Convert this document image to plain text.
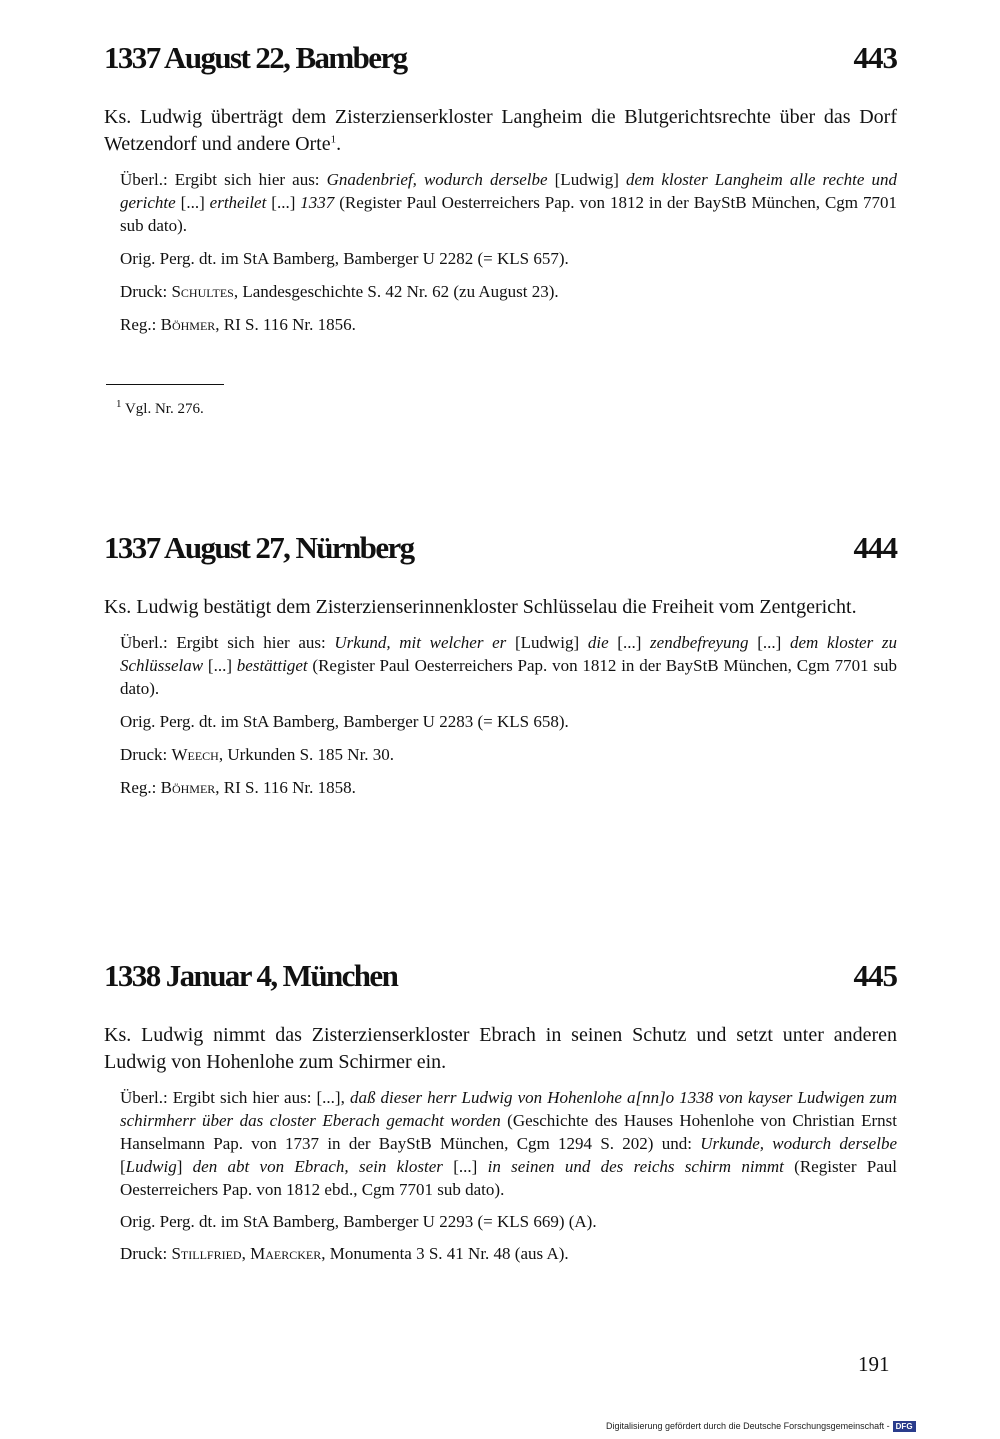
1337 August 22, Bamberg	443
Ks. Ludwig überträgt dem Zisterzienserkloster Langheim die Blutgerichtsrechte über das Dorf Wetzendorf und andere Orte$^1$.
Überl.: Ergibt sich hier aus: Gnadenbrief, wodurch derselbe [Ludwig] dem kloster Langheim alle rechte und gerichte [...] ertheilet [...] 1337 (Register Paul Oesterreichers Pap. von 1812 in der BayStB München, Cgm 7701 sub dato).
Orig. Perg. dt. im StA Bamberg, Bamberger U 2282 (= KLS 657).
Druck: Schultes, Landesgeschichte S. 42 Nr. 62 (zu August 23).
Reg.: Böhmer, RI S. 116 Nr. 1856.
$^1$ Vgl. Nr. 276.
1337 August 27, Nürnberg	444
Ks. Ludwig bestätigt dem Zisterzienserinnenkloster Schlüsselau die Freiheit vom Zentgericht.
Überl.: Ergibt sich hier aus: Urkund, mit welcher er [Ludwig] die [...] zendbefreyung [...] dem kloster zu Schlüsselaw [...] bestättiget (Register Paul Oesterreichers Pap. von 1812 in der BayStB München, Cgm 7701 sub dato).
Orig. Perg. dt. im StA Bamberg, Bamberger U 2283 (= KLS 658).
Druck: Weech, Urkunden S. 185 Nr. 30.
Reg.: Böhmer, RI S. 116 Nr. 1858.
1338 Januar 4, München	445
Ks. Ludwig nimmt das Zisterzienserkloster Ebrach in seinen Schutz und setzt unter anderen Ludwig von Hohenlohe zum Schirmer ein.
Überl.: Ergibt sich hier aus: [...], daß dieser herr Ludwig von Hohenlohe a[nn]o 1338 von kayser Ludwigen zum schirmherr über das closter Eberach gemacht worden (Geschichte des Hauses Hohenlohe von Christian Ernst Hanselmann Pap. von 1737 in der BayStB München, Cgm 1294 S. 202) und: Urkunde, wodurch derselbe [Ludwig] den abt von Ebrach, sein kloster [...] in seinen und des reichs schirm nimmt (Register Paul Oesterreichers Pap. von 1812 ebd., Cgm 7701 sub dato).
Orig. Perg. dt. im StA Bamberg, Bamberger U 2293 (= KLS 669) (A).
Druck: Stillfried, Maercker, Monumenta 3 S. 41 Nr. 48 (aus A).
191
Digitalisierung gefördert durch die Deutsche Forschungsgemeinschaft - DFG
